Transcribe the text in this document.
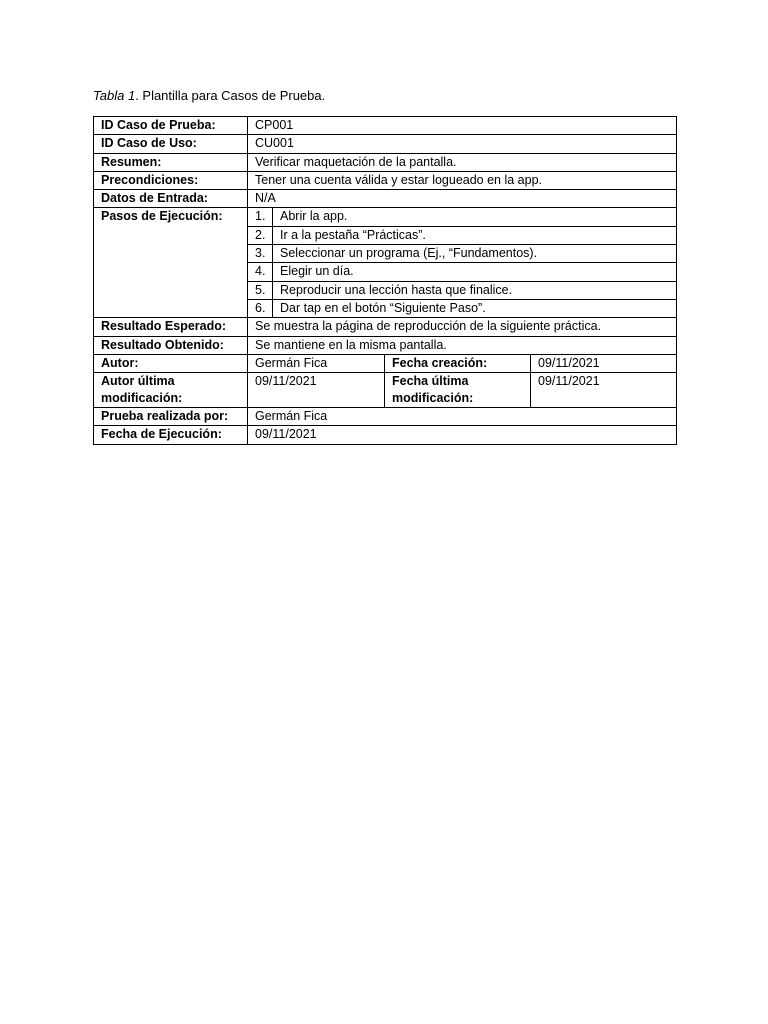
Tabla 1. Plantilla para Casos de Prueba.
ID Caso de Prueba:	CP001			
ID Caso de Uso:	CU001			
Resumen:	Verificar maquetación de la pantalla.			
Precondiciones:	Tener una cuenta válida y estar logueado en la app.			
Datos de Entrada:	N/A			
Pasos de Ejecución:	1.	Abrir la app.		
	2.	Ir a la pestaña “Prácticas”.		
	3.	Seleccionar un programa (Ej., “Fundamentos).		
	4.	Elegir un día.		
	5.	Reproducir una lección hasta que finalice.		
	6.	Dar tap en el botón “Siguiente Paso”.		
Resultado Esperado:	Se muestra la página de reproducción de la siguiente práctica.			
Resultado Obtenido:	Se mantiene en la misma pantalla.			
Autor:	Germán Fica		Fecha creación:	09/11/2021
Autor última modificación:	09/11/2021		Fecha última modificación:	09/11/2021
Prueba realizada por:	Germán Fica			
Fecha de Ejecución:	09/11/2021			
